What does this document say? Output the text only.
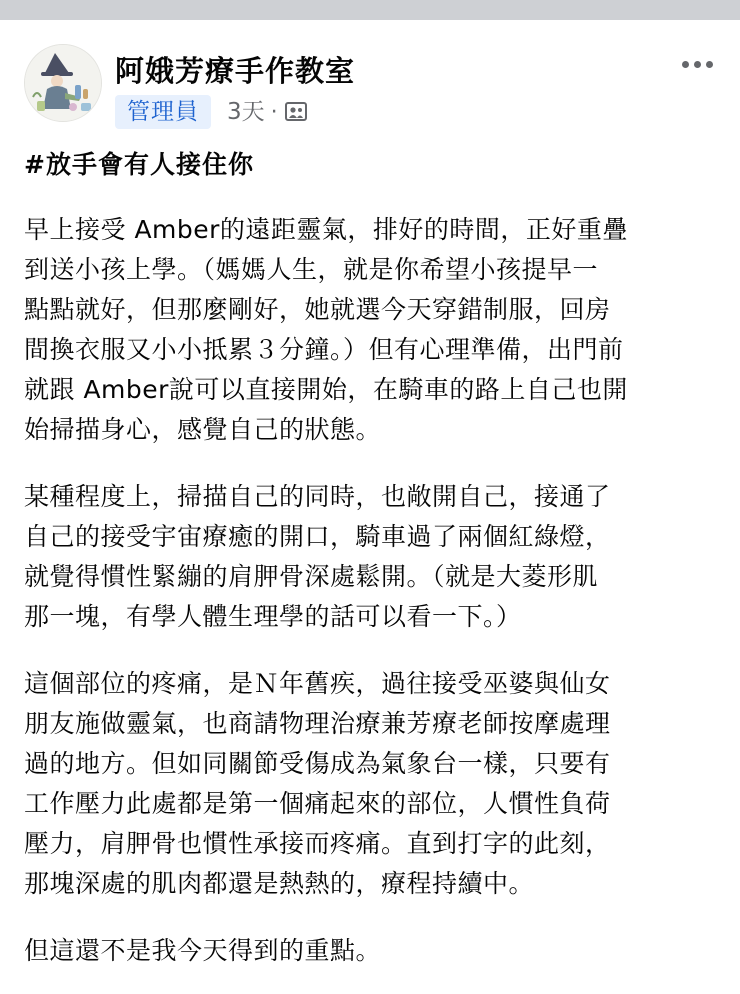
阿娥芳療手作教室
管理員	3天 ·

#放手會有人接住你

早上接受 Amber的遠距靈氣，排好的時間，正好重疊
到送小孩上學。（媽媽人生，就是你希望小孩提早一
點點就好，但那麼剛好，她就選今天穿錯制服，回房
間換衣服又小小抵累３分鐘。）但有心理準備，出門前
就跟 Amber說可以直接開始，在騎車的路上自己也開
始掃描身心，感覺自己的狀態。

某種程度上，掃描自己的同時，也敞開自己，接通了
自己的接受宇宙療癒的開口，騎車過了兩個紅綠燈，
就覺得慣性緊繃的肩胛骨深處鬆開。（就是大菱形肌
那一塊，有學人體生理學的話可以看一下。）

這個部位的疼痛，是Ｎ年舊疾，過往接受巫婆與仙女
朋友施做靈氣，也商請物理治療兼芳療老師按摩處理
過的地方。但如同關節受傷成為氣象台一樣，只要有
工作壓力此處都是第一個痛起來的部位，人慣性負荷
壓力，肩胛骨也慣性承接而疼痛。直到打字的此刻，
那塊深處的肌肉都還是熱熱的，療程持續中。

但這還不是我今天得到的重點。
